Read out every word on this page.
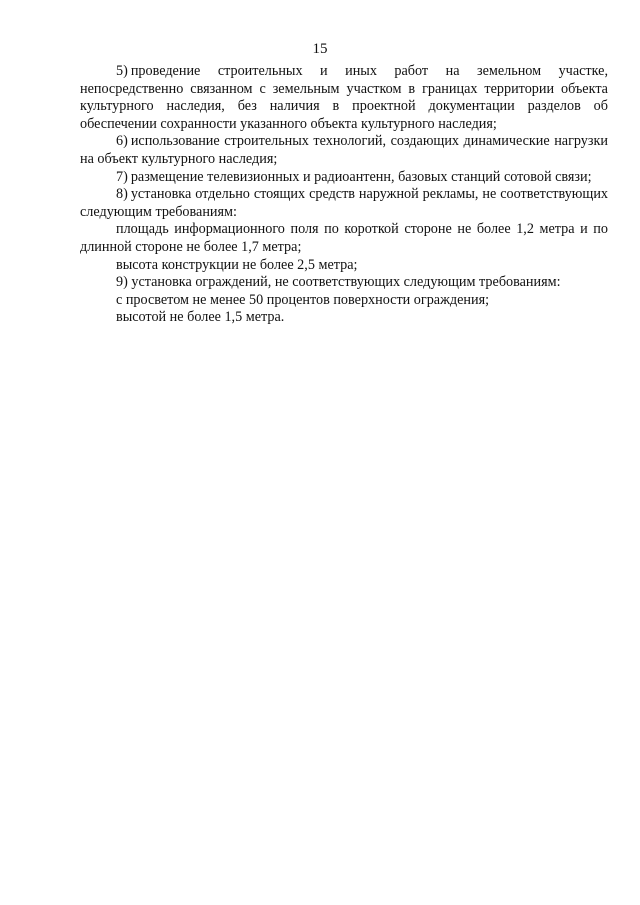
15

5) проведение строительных и иных работ на земельном участке, непосредственно связанном с земельным участком в границах территории объекта культурного наследия, без наличия в проектной документации разделов об обеспечении сохранности указанного объекта культурного наследия;

6) использование строительных технологий, создающих динамические нагрузки на объект культурного наследия;

7) размещение телевизионных и радиоантенн, базовых станций сотовой связи;

8) установка отдельно стоящих средств наружной рекламы, не соответствующих следующим требованиям:

площадь информационного поля по короткой стороне не более 1,2 метра и по длинной стороне не более 1,7 метра;

высота конструкции не более 2,5 метра;

9) установка ограждений, не соответствующих следующим требованиям:

с просветом не менее 50 процентов поверхности ограждения;

высотой не более 1,5 метра.
